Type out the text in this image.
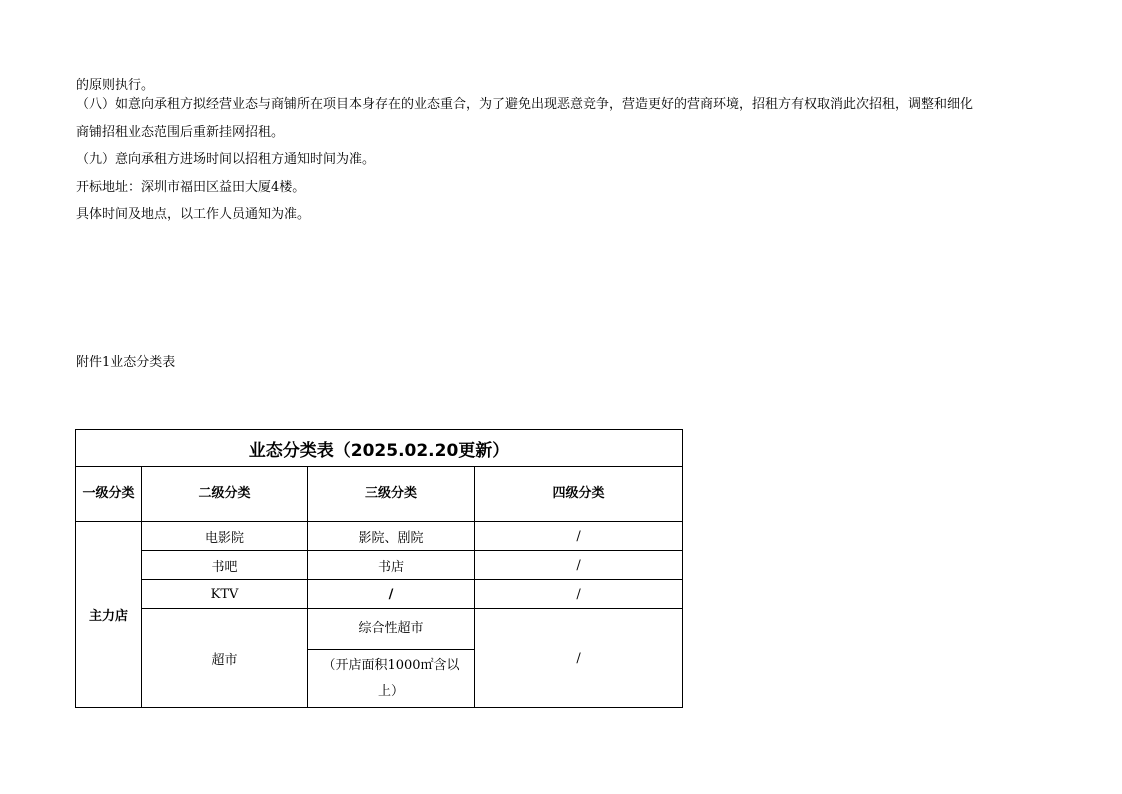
的原则执行。
（八）如意向承租方拟经营业态与商铺所在项目本身存在的业态重合，为了避免出现恶意竞争，营造更好的营商环境，招租方有权取消此次招租，调整和细化
商铺招租业态范围后重新挂网招租。
（九）意向承租方进场时间以招租方通知时间为准。
开标地址：深圳市福田区益田大厦4楼。
具体时间及地点，以工作人员通知为准。
附件1业态分类表
业态分类表（2025.02.20更新）			
一级分类	二级分类	三级分类	四级分类
主力店	电影院	影院、剧院	/
	书吧	书店	/
	KTV	/	/
	超市	综合性超市
（开店面积1000㎡含以上）	/
